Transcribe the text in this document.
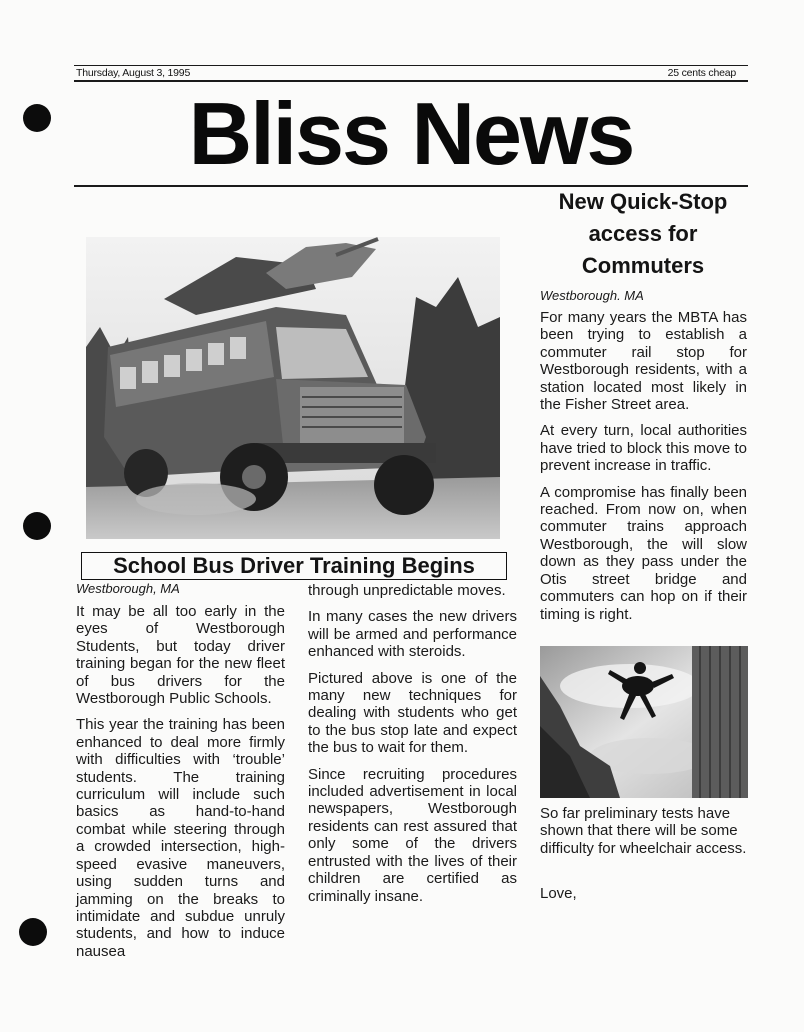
Thursday, August 3, 1995	25 cents cheap
Bliss News
School Bus Driver Training Begins
Westborough, MA

It may be all too early in the eyes of Westborough Students, but today driver training began for the new fleet of bus drivers for the Westborough Public Schools.

This year the training has been enhanced to deal more firmly with difficulties with ‘trouble’ students. The training curriculum will include such basics as hand-to-hand combat while steering through a crowded intersection, high-speed evasive maneuvers, using sudden turns and jamming on the breaks to intimidate and subdue unruly students, and how to induce nausea

through unpredictable moves.

In many cases the new drivers will be armed and performance enhanced with steroids.

Pictured above is one of the many new techniques for dealing with students who get to the bus stop late and expect the bus to wait for them.

Since recruiting procedures included advertisement in local newspapers, Westborough residents can rest assured that only some of the drivers entrusted with the lives of their children are certified as criminally insane.

New Quick-Stop access for Commuters
Westborough. MA

For many years the MBTA has been trying to establish a commuter rail stop for Westborough residents, with a station located most likely in the Fisher Street area.

At every turn, local authorities have tried to block this move to prevent increase in traffic.

A compromise has finally been reached. From now on, when commuter trains approach Westborough, the will slow down as they pass under the Otis street bridge and commuters can hop on if their timing is right.

So far preliminary tests have shown that there will be some difficulty for wheelchair access.

Love,
